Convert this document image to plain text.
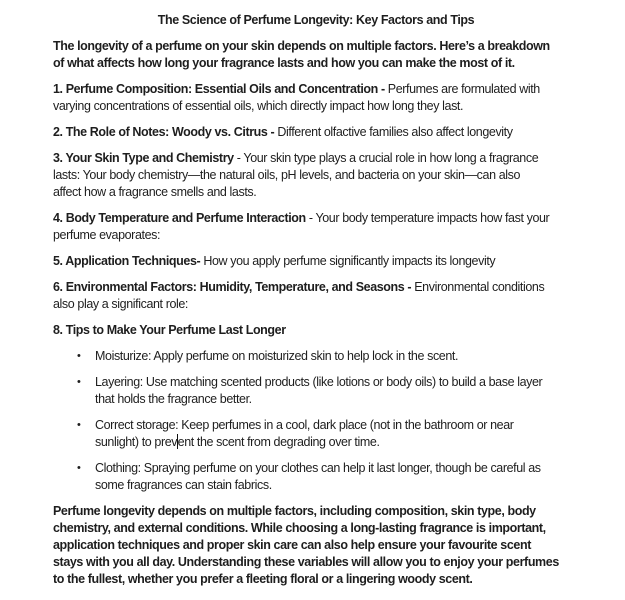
The Science of Perfume Longevity: Key Factors and Tips
The longevity of a perfume on your skin depends on multiple factors. Here’s a breakdown
of what affects how long your fragrance lasts and how you can make the most of it.
1. Perfume Composition: Essential Oils and Concentration - Perfumes are formulated with
varying concentrations of essential oils, which directly impact how long they last.
2. The Role of Notes: Woody vs. Citrus - Different olfactive families also affect longevity
3. Your Skin Type and Chemistry - Your skin type plays a crucial role in how long a fragrance
lasts: Your body chemistry—the natural oils, pH levels, and bacteria on your skin—can also
affect how a fragrance smells and lasts.
4. Body Temperature and Perfume Interaction - Your body temperature impacts how fast your
perfume evaporates:
5. Application Techniques- How you apply perfume significantly impacts its longevity
6. Environmental Factors: Humidity, Temperature, and Seasons - Environmental conditions
also play a significant role:
8. Tips to Make Your Perfume Last Longer
• Moisturize: Apply perfume on moisturized skin to help lock in the scent.
• Layering: Use matching scented products (like lotions or body oils) to build a base layer
that holds the fragrance better.
• Correct storage: Keep perfumes in a cool, dark place (not in the bathroom or near
sunlight) to prevent the scent from degrading over time.
• Clothing: Spraying perfume on your clothes can help it last longer, though be careful as
some fragrances can stain fabrics.
Perfume longevity depends on multiple factors, including composition, skin type, body
chemistry, and external conditions. While choosing a long-lasting fragrance is important,
application techniques and proper skin care can also help ensure your favourite scent
stays with you all day. Understanding these variables will allow you to enjoy your perfumes
to the fullest, whether you prefer a fleeting floral or a lingering woody scent.
